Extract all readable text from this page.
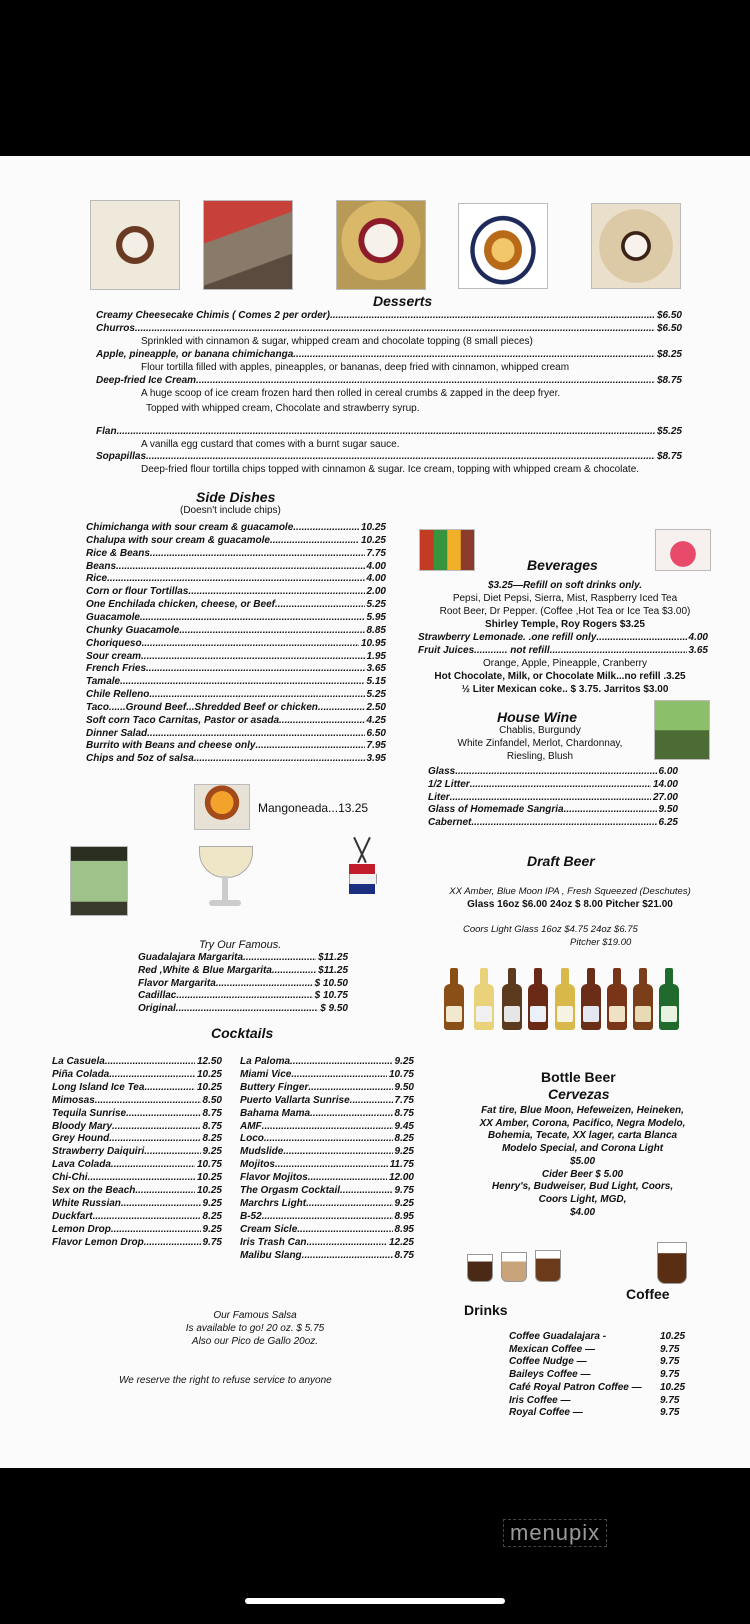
Desserts
Creamy Cheesecake Chimis ( Comes 2 per order) .....	$6.50
Churros .....	$6.50
Sprinkled with cinnamon & sugar, whipped cream and chocolate topping (8 small pieces)
Apple, pineapple, or banana chimichanga .....	$8.25
Flour tortilla filled with apples, pineapples, or bananas, deep fried with cinnamon, whipped cream
Deep-fried Ice Cream .....	$8.75
A huge scoop of ice cream frozen hard then rolled in cereal crumbs & zapped in the deep fryer.
Topped with whipped cream, Chocolate and strawberry syrup.
Flan .....	$5.25
A vanilla egg custard that comes with a burnt sugar sauce.
Sopapillas .....	$8.75
Deep-fried flour tortilla chips topped with cinnamon & sugar. Ice cream, topping with whipped cream & chocolate.
Side Dishes
(Doesn't include chips)
Mangoneada...13.25
Try Our Famous.
Cocktails
Our Famous Salsa
Is available to go! 20 oz. $ 5.75
Also our Pico de Gallo 20oz.
We reserve the right to refuse service to anyone
Beverages
$3.25—Refill on soft drinks only.
Pepsi, Diet Pepsi, Sierra, Mist, Raspberry Iced Tea
Root Beer, Dr Pepper. (Coffee ,Hot Tea or Ice Tea $3.00)
Shirley Temple, Roy Rogers $3.25
Strawberry Lemonade. .one refill only .....	4.00
Fruit Juices............ not refill .....	3.65
Orange, Apple, Pineapple, Cranberry
Hot Chocolate, Milk, or Chocolate Milk...no refill .3.25
½ Liter Mexican coke.. $ 3.75. Jarritos $3.00
House Wine
Chablis, Burgundy
White Zinfandel, Merlot, Chardonnay,
Riesling, Blush
Draft Beer
XX Amber, Blue Moon IPA , Fresh Squeezed (Deschutes)
Glass 16oz $6.00 24oz $ 8.00 Pitcher $21.00
Coors Light Glass 16oz $4.75 24oz $6.75
Pitcher $19.00
Bottle Beer
Cervezas
Coffee
Drinks
Chimichanga with sour cream & guacamole .....	10.25
Chalupa with sour cream & guacamole .....	10.25
Rice & Beans .....	7.75
Beans .....	4.00
Rice .....	4.00
Corn or flour Tortillas .....	2.00
One Enchilada chicken, cheese, or Beef .....	5.25
Guacamole .....	5.95
Chunky Guacamole .....	8.85
Choriqueso .....	10.95
Sour cream .....	1.95
French Fries .....	3.65
Tamale .....	5.15
Chile Relleno .....	5.25
Taco......Ground Beef...Shredded Beef or chicken .....	2.50
Soft corn Taco Carnitas, Pastor or asada .....	4.25
Dinner Salad .....	6.50
Burrito with Beans and cheese only .....	7.95
Chips and 5oz of salsa .....	3.95
Guadalajara Margarita .....	$11.25
Red ,White & Blue Margarita .....	$11.25
Flavor Margarita .....	$ 10.50
Cadillac .....	$ 10.75
Original .....	$ 9.50
La Casuela .....	12.50
Piña Colada .....	10.25
Long Island Ice Tea .....	10.25
Mimosas .....	8.50
Tequila Sunrise .....	8.75
Bloody Mary .....	8.75
Grey Hound .....	8.25
Strawberry Daiquiri .....	9.25
Lava Colada .....	10.75
Chi-Chi .....	10.25
Sex on the Beach .....	10.25
White Russian .....	9.25
Duckfart .....	8.25
Lemon Drop .....	9.25
Flavor Lemon Drop .....	9.75
La Paloma .....	9.25
Miami Vice .....	10.75
Buttery Finger .....	9.50
Puerto Vallarta Sunrise .....	7.75
Bahama Mama .....	8.75
AMF .....	9.45
Loco .....	8.25
Mudslide .....	9.25
Mojitos .....	11.75
Flavor Mojitos .....	12.00
The Orgasm Cocktail .....	9.75
Marchrs Light .....	9.25
B-52 .....	8.95
Cream Sicle .....	8.95
Iris Trash Can .....	12.25
Malibu Slang .....	8.75
Glass .....	6.00
1/2 Litter .....	14.00
Liter .....	27.00
Glass of Homemade Sangria .....	9.50
Cabernet .....	6.25
Fat tire, Blue Moon, Hefeweizen, Heineken,
XX Amber, Corona, Pacifico, Negra Modelo,
Bohemia, Tecate, XX lager, carta Blanca
Modelo Special, and Corona Light
$5.00
Cider Beer $ 5.00
Henry's, Budweiser, Bud Light, Coors,
Coors Light, MGD,
$4.00
Coffee Guadalajara -	10.25
Mexican Coffee —	9.75
Coffee Nudge —	9.75
Baileys Coffee —	9.75
Café Royal Patron Coffee — 10.25
Iris Coffee —	9.75
Royal Coffee —	9.75
menupix
